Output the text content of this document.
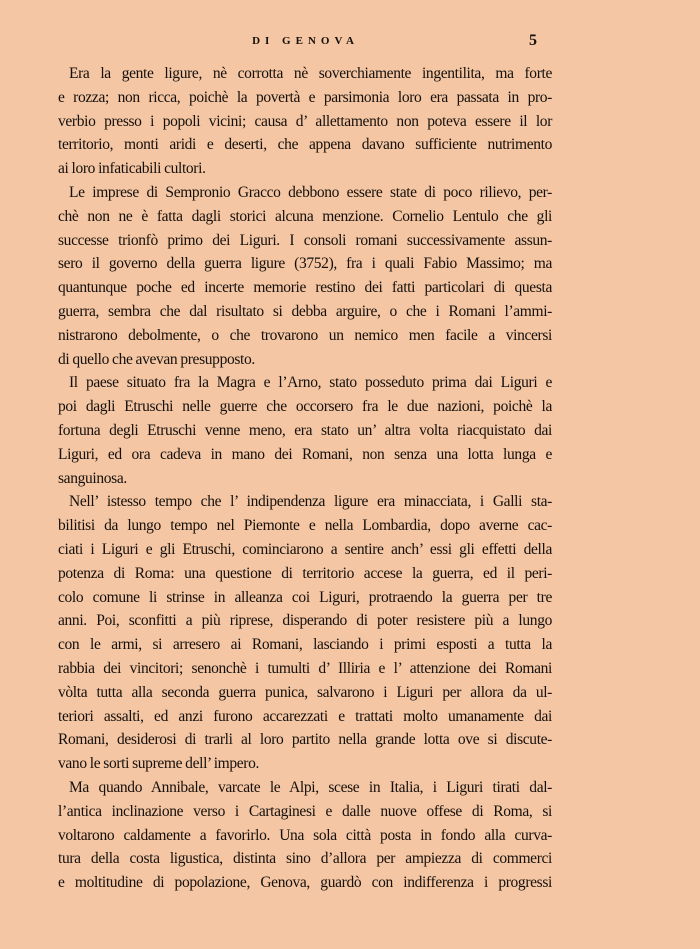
DI GENOVA	5
Era la gente ligure, nè corrotta nè soverchiamente ingentilita, ma forte
e rozza; non ricca, poichè la povertà e parsimonia loro era passata in pro-
verbio presso i popoli vicini; causa d’ allettamento non poteva essere il lor
territorio, monti aridi e deserti, che appena davano sufficiente nutrimento
ai loro infaticabili cultori.
Le imprese di Sempronio Gracco debbono essere state di poco rilievo, per-
chè non ne è fatta dagli storici alcuna menzione. Cornelio Lentulo che gli
successe trionfò primo dei Liguri. I consoli romani successivamente assun-
sero il governo della guerra ligure (3752), fra i quali Fabio Massimo; ma
quantunque poche ed incerte memorie restino dei fatti particolari di questa
guerra, sembra che dal risultato si debba arguire, o che i Romani l’ammi-
nistrarono debolmente, o che trovarono un nemico men facile a vincersi
di quello che avevan presupposto.
Il paese situato fra la Magra e l’Arno, stato posseduto prima dai Liguri e
poi dagli Etruschi nelle guerre che occorsero fra le due nazioni, poichè la
fortuna degli Etruschi venne meno, era stato un’ altra volta riacquistato dai
Liguri, ed ora cadeva in mano dei Romani, non senza una lotta lunga e
sanguinosa.
Nell’ istesso tempo che l’ indipendenza ligure era minacciata, i Galli sta-
bilitisi da lungo tempo nel Piemonte e nella Lombardia, dopo averne cac-
ciati i Liguri e gli Etruschi, cominciarono a sentire anch’ essi gli effetti della
potenza di Roma: una questione di territorio accese la guerra, ed il peri-
colo comune li strinse in alleanza coi Liguri, protraendo la guerra per tre
anni. Poi, sconfitti a più riprese, disperando di poter resistere più a lungo
con le armi, si arresero ai Romani, lasciando i primi esposti a tutta la
rabbia dei vincitori; senonchè i tumulti d’ Illiria e l’ attenzione dei Romani
vòlta tutta alla seconda guerra punica, salvarono i Liguri per allora da ul-
teriori assalti, ed anzi furono accarezzati e trattati molto umanamente dai
Romani, desiderosi di trarli al loro partito nella grande lotta ove si discute-
vano le sorti supreme dell’ impero.
Ma quando Annibale, varcate le Alpi, scese in Italia, i Liguri tirati dal-
l’antica inclinazione verso i Cartaginesi e dalle nuove offese di Roma, si
voltarono caldamente a favorirlo. Una sola città posta in fondo alla curva-
tura della costa ligustica, distinta sino d’allora per ampiezza di commerci
e moltitudine di popolazione, Genova, guardò con indifferenza i progressi
